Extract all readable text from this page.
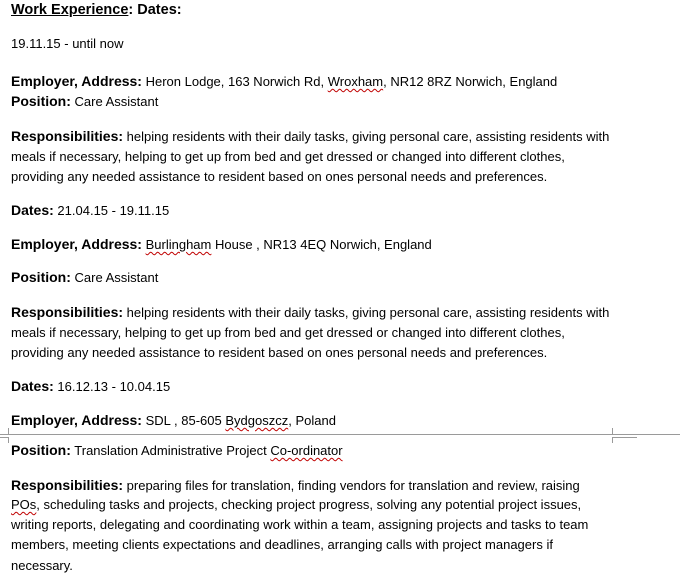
Work Experience: Dates:
19.11.15 - until now
Employer, Address: Heron Lodge, 163 Norwich Rd, Wroxham, NR12 8RZ Norwich, England
Position: Care Assistant
Responsibilities: helping residents with their daily tasks, giving personal care, assisting residents with
meals if necessary, helping to get up from bed and get dressed or changed into different clothes,
providing any needed assistance to resident based on ones personal needs and preferences.
Dates: 21.04.15 - 19.11.15
Employer, Address: Burlingham House , NR13 4EQ Norwich, England
Position: Care Assistant
Responsibilities: helping residents with their daily tasks, giving personal care, assisting residents with
meals if necessary, helping to get up from bed and get dressed or changed into different clothes,
providing any needed assistance to resident based on ones personal needs and preferences.
Dates: 16.12.13 - 10.04.15
Employer, Address: SDL , 85-605 Bydgoszcz, Poland
Position: Translation Administrative Project Co-ordinator
Responsibilities: preparing files for translation, finding vendors for translation and review, raising
POs, scheduling tasks and projects, checking project progress, solving any potential project issues,
writing reports, delegating and coordinating work within a team, assigning projects and tasks to team
members, meeting clients expectations and deadlines, arranging calls with project managers if
necessary.
